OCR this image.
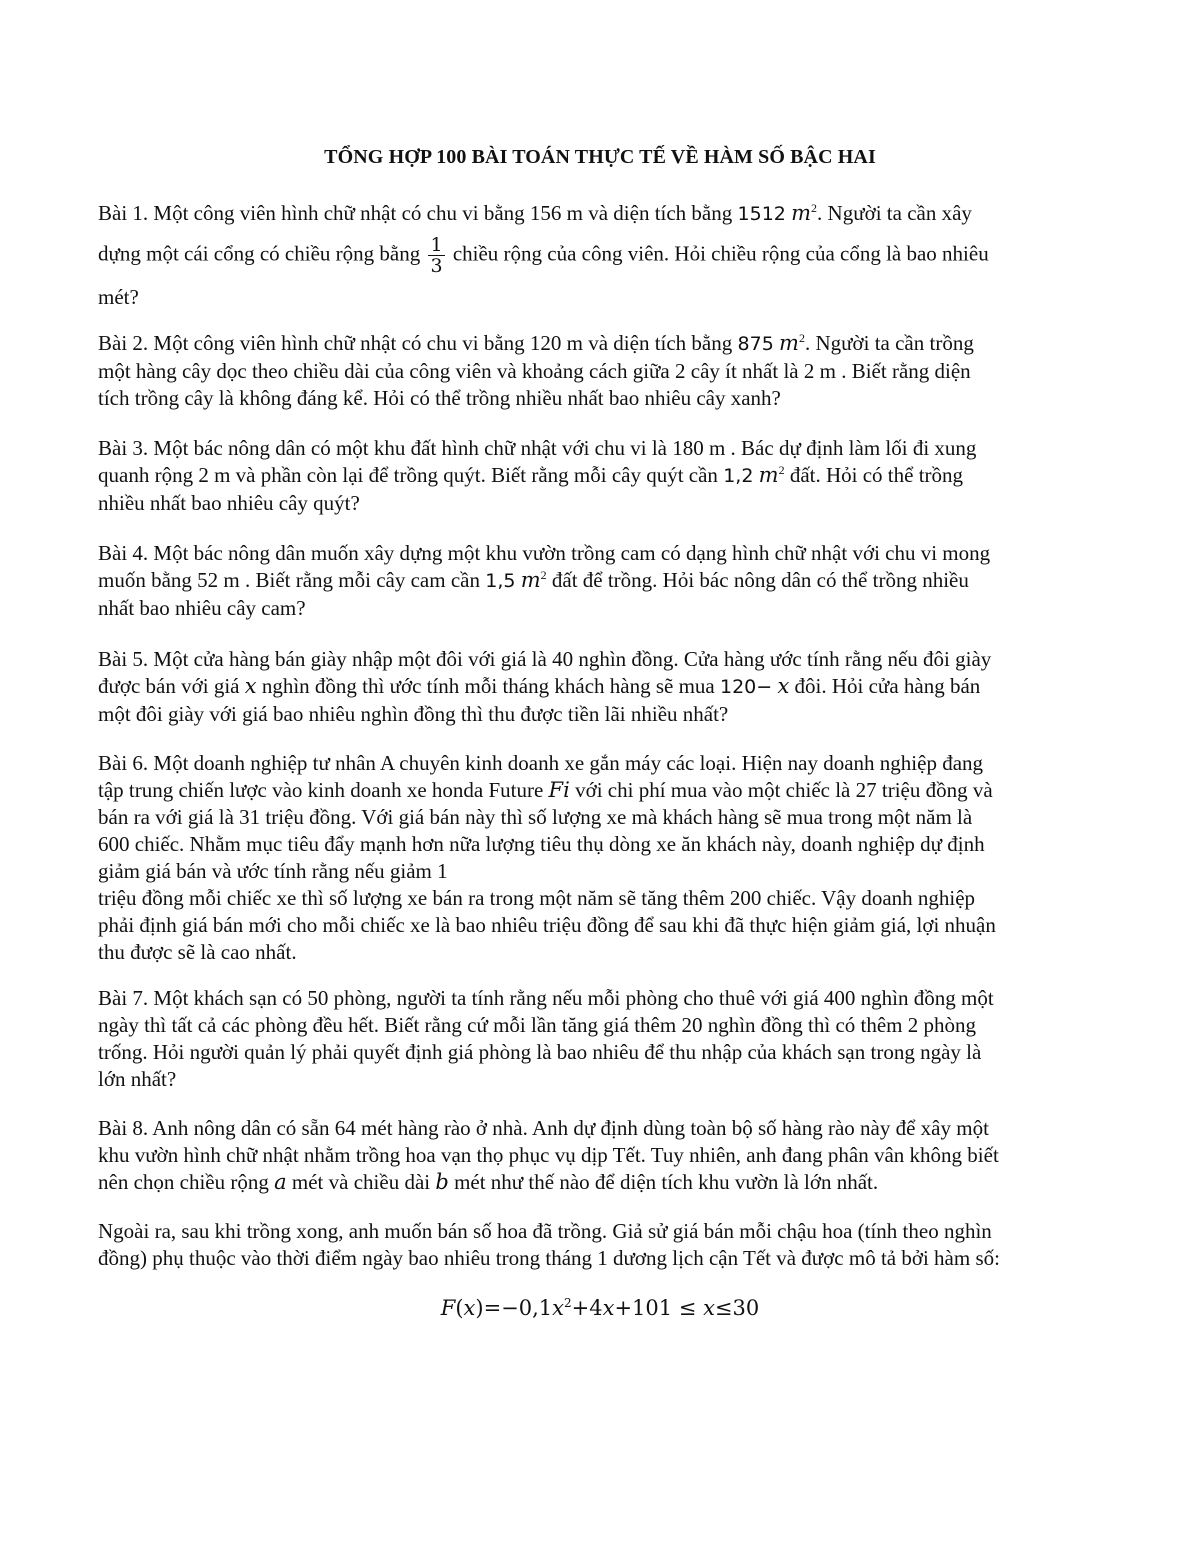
TỔNG HỢP 100 BÀI TOÁN THỰC TẾ VỀ HÀM SỐ BẬC HAI
Bài 1. Một công viên hình chữ nhật có chu vi bằng 156 m và diện tích bằng 1512 $m^2$. Người ta cần xây
dựng một cái cổng có chiều rộng bằng $\frac{1}{3}$ chiều rộng của công viên. Hỏi chiều rộng của cổng là bao nhiêu
mét?
Bài 2. Một công viên hình chữ nhật có chu vi bằng 120 m và diện tích bằng 875 $m^2$. Người ta cần trồng
một hàng cây dọc theo chiều dài của công viên và khoảng cách giữa 2 cây ít nhất là 2 m . Biết rằng diện
tích trồng cây là không đáng kể. Hỏi có thể trồng nhiều nhất bao nhiêu cây xanh?
Bài 3. Một bác nông dân có một khu đất hình chữ nhật với chu vi là 180 m . Bác dự định làm lối đi xung
quanh rộng 2 m và phần còn lại để trồng quýt. Biết rằng mỗi cây quýt cần 1,2 $m^2$ đất. Hỏi có thể trồng
nhiều nhất bao nhiêu cây quýt?
Bài 4. Một bác nông dân muốn xây dựng một khu vườn trồng cam có dạng hình chữ nhật với chu vi mong
muốn bằng 52 m . Biết rằng mỗi cây cam cần 1,5 $m^2$ đất để trồng. Hỏi bác nông dân có thể trồng nhiều
nhất bao nhiêu cây cam?
Bài 5. Một cửa hàng bán giày nhập một đôi với giá là 40 nghìn đồng. Cửa hàng ước tính rằng nếu đôi giày
được bán với giá x nghìn đồng thì ước tính mỗi tháng khách hàng sẽ mua 120− x đôi. Hỏi cửa hàng bán
một đôi giày với giá bao nhiêu nghìn đồng thì thu được tiền lãi nhiều nhất?
Bài 6. Một doanh nghiệp tư nhân A chuyên kinh doanh xe gắn máy các loại. Hiện nay doanh nghiệp đang
tập trung chiến lược vào kinh doanh xe honda Future Fi với chi phí mua vào một chiếc là 27 triệu đồng và
bán ra với giá là 31 triệu đồng. Với giá bán này thì số lượng xe mà khách hàng sẽ mua trong một năm là
600 chiếc. Nhằm mục tiêu đẩy mạnh hơn nữa lượng tiêu thụ dòng xe ăn khách này, doanh nghiệp dự định
giảm giá bán và ước tính rằng nếu giảm 1
triệu đồng mỗi chiếc xe thì số lượng xe bán ra trong một năm sẽ tăng thêm 200 chiếc. Vậy doanh nghiệp
phải định giá bán mới cho mỗi chiếc xe là bao nhiêu triệu đồng để sau khi đã thực hiện giảm giá, lợi nhuận
thu được sẽ là cao nhất.
Bài 7. Một khách sạn có 50 phòng, người ta tính rằng nếu mỗi phòng cho thuê với giá 400 nghìn đồng một
ngày thì tất cả các phòng đều hết. Biết rằng cứ mỗi lần tăng giá thêm 20 nghìn đồng thì có thêm 2 phòng
trống. Hỏi người quản lý phải quyết định giá phòng là bao nhiêu để thu nhập của khách sạn trong ngày là
lớn nhất?
Bài 8. Anh nông dân có sẵn 64 mét hàng rào ở nhà. Anh dự định dùng toàn bộ số hàng rào này để xây một
khu vườn hình chữ nhật nhằm trồng hoa vạn thọ phục vụ dịp Tết. Tuy nhiên, anh đang phân vân không biết
nên chọn chiều rộng a mét và chiều dài b mét như thế nào để diện tích khu vườn là lớn nhất.
Ngoài ra, sau khi trồng xong, anh muốn bán số hoa đã trồng. Giả sử giá bán mỗi chậu hoa (tính theo nghìn
đồng) phụ thuộc vào thời điểm ngày bao nhiêu trong tháng 1 dương lịch cận Tết và được mô tả bởi hàm số:
$F(x)=-0,1x^2+4x+101 \le x\le 30$
